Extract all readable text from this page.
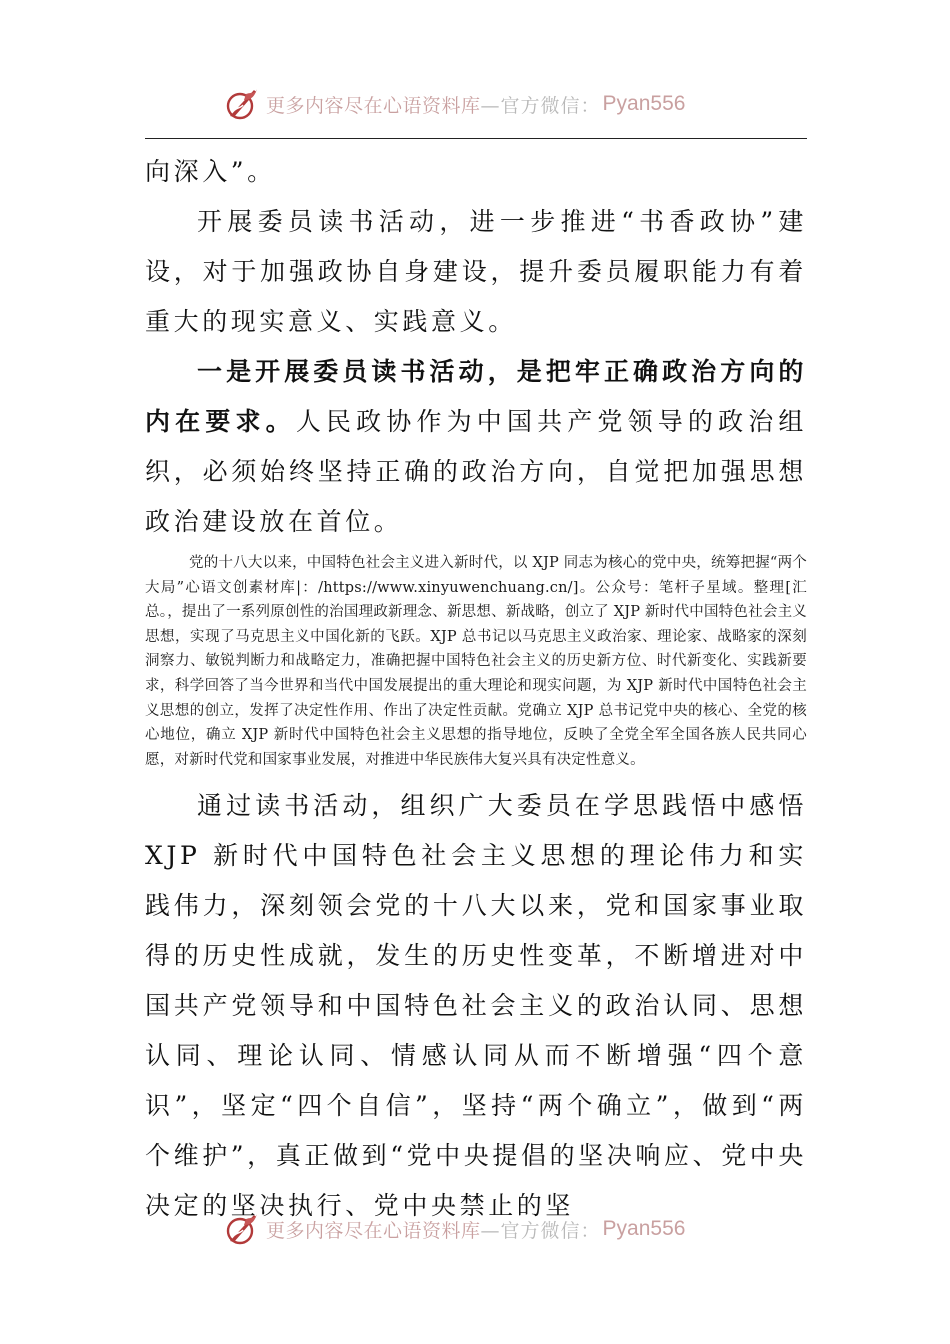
更多内容尽在心语资料库 —官方微信： Pyan556

向深入”。

开展委员读书活动，进一步推进“书香政协”建设，对于加强政协自身建设，提升委员履职能力有着重大的现实意义、实践意义。

一是开展委员读书活动，是把牢正确政治方向的内在要求。人民政协作为中国共产党领导的政治组织，必须始终坚持正确的政治方向，自觉把加强思想政治建设放在首位。

党的十八大以来，中国特色社会主义进入新时代，以 XJP 同志为核心的党中央，统筹把握“两个大局”心语文创素材库|：/https://www.xinyuwenchuang.cn/]。公众号：笔杆子星域。整理[汇总。，提出了一系列原创性的治国理政新理念、新思想、新战略，创立了 XJP 新时代中国特色社会主义思想，实现了马克思主义中国化新的飞跃。XJP 总书记以马克思主义政治家、理论家、战略家的深刻洞察力、敏锐判断力和战略定力，准确把握中国特色社会主义的历史新方位、时代新变化、实践新要求，科学回答了当今世界和当代中国发展提出的重大理论和现实问题，为 XJP 新时代中国特色社会主义思想的创立，发挥了决定性作用、作出了决定性贡献。党确立 XJP 总书记党中央的核心、全党的核心地位，确立 XJP 新时代中国特色社会主义思想的指导地位，反映了全党全军全国各族人民共同心愿，对新时代党和国家事业发展，对推进中华民族伟大复兴具有决定性意义。

通过读书活动，组织广大委员在学思践悟中感悟 XJP 新时代中国特色社会主义思想的理论伟力和实践伟力，深刻领会党的十八大以来，党和国家事业取得的历史性成就，发生的历史性变革，不断增进对中国共产党领导和中国特色社会主义的政治认同、思想认同、理论认同、情感认同从而不断增强“四个意识”，坚定“四个自信”，坚持“两个确立”，做到“两个维护”，真正做到“党中央提倡的坚决响应、党中央决定的坚决执行、党中央禁止的坚

更多内容尽在心语资料库 —官方微信： Pyan556
